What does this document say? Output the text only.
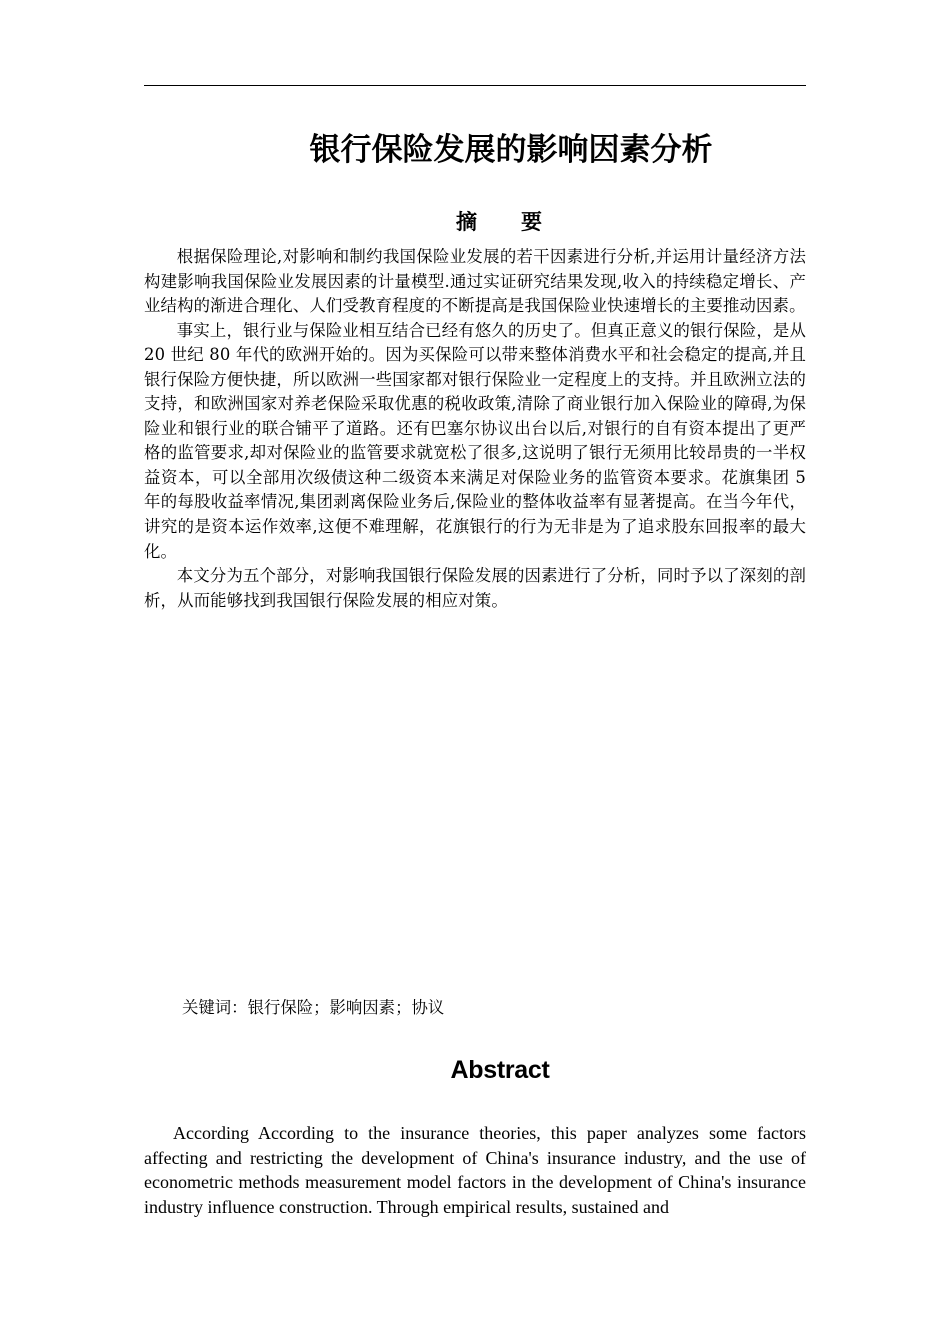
银行保险发展的影响因素分析
摘 要

根据保险理论,对影响和制约我国保险业发展的若干因素进行分析,并运用计量经济方法构建影响我国保险业发展因素的计量模型.通过实证研究结果发现,收入的持续稳定增长、产业结构的渐进合理化、人们受教育程度的不断提高是我国保险业快速增长的主要推动因素。

事实上，银行业与保险业相互结合已经有悠久的历史了。但真正意义的银行保险，是从 20 世纪 80 年代的欧洲开始的。因为买保险可以带来整体消费水平和社会稳定的提高,并且银行保险方便快捷，所以欧洲一些国家都对银行保险业一定程度上的支持。并且欧洲立法的支持，和欧洲国家对养老保险采取优惠的税收政策,清除了商业银行加入保险业的障碍,为保险业和银行业的联合铺平了道路。还有巴塞尔协议出台以后,对银行的自有资本提出了更严格的监管要求,却对保险业的监管要求就宽松了很多,这说明了银行无须用比较昂贵的一半权益资本，可以全部用次级债这种二级资本来满足对保险业务的监管资本要求。花旗集团 5 年的每股收益率情况,集团剥离保险业务后,保险业的整体收益率有显著提高。在当今年代，讲究的是资本运作效率,这便不难理解，花旗银行的行为无非是为了追求股东回报率的最大化。

本文分为五个部分，对影响我国银行保险发展的因素进行了分析，同时予以了深刻的剖析，从而能够找到我国银行保险发展的相应对策。

关键词：银行保险；影响因素；协议
Abstract

According According to the insurance theories, this paper analyzes some factors affecting and restricting the development of China's insurance industry, and the use of econometric methods measurement model factors in the development of China's insurance industry influence construction. Through empirical results, sustained and
